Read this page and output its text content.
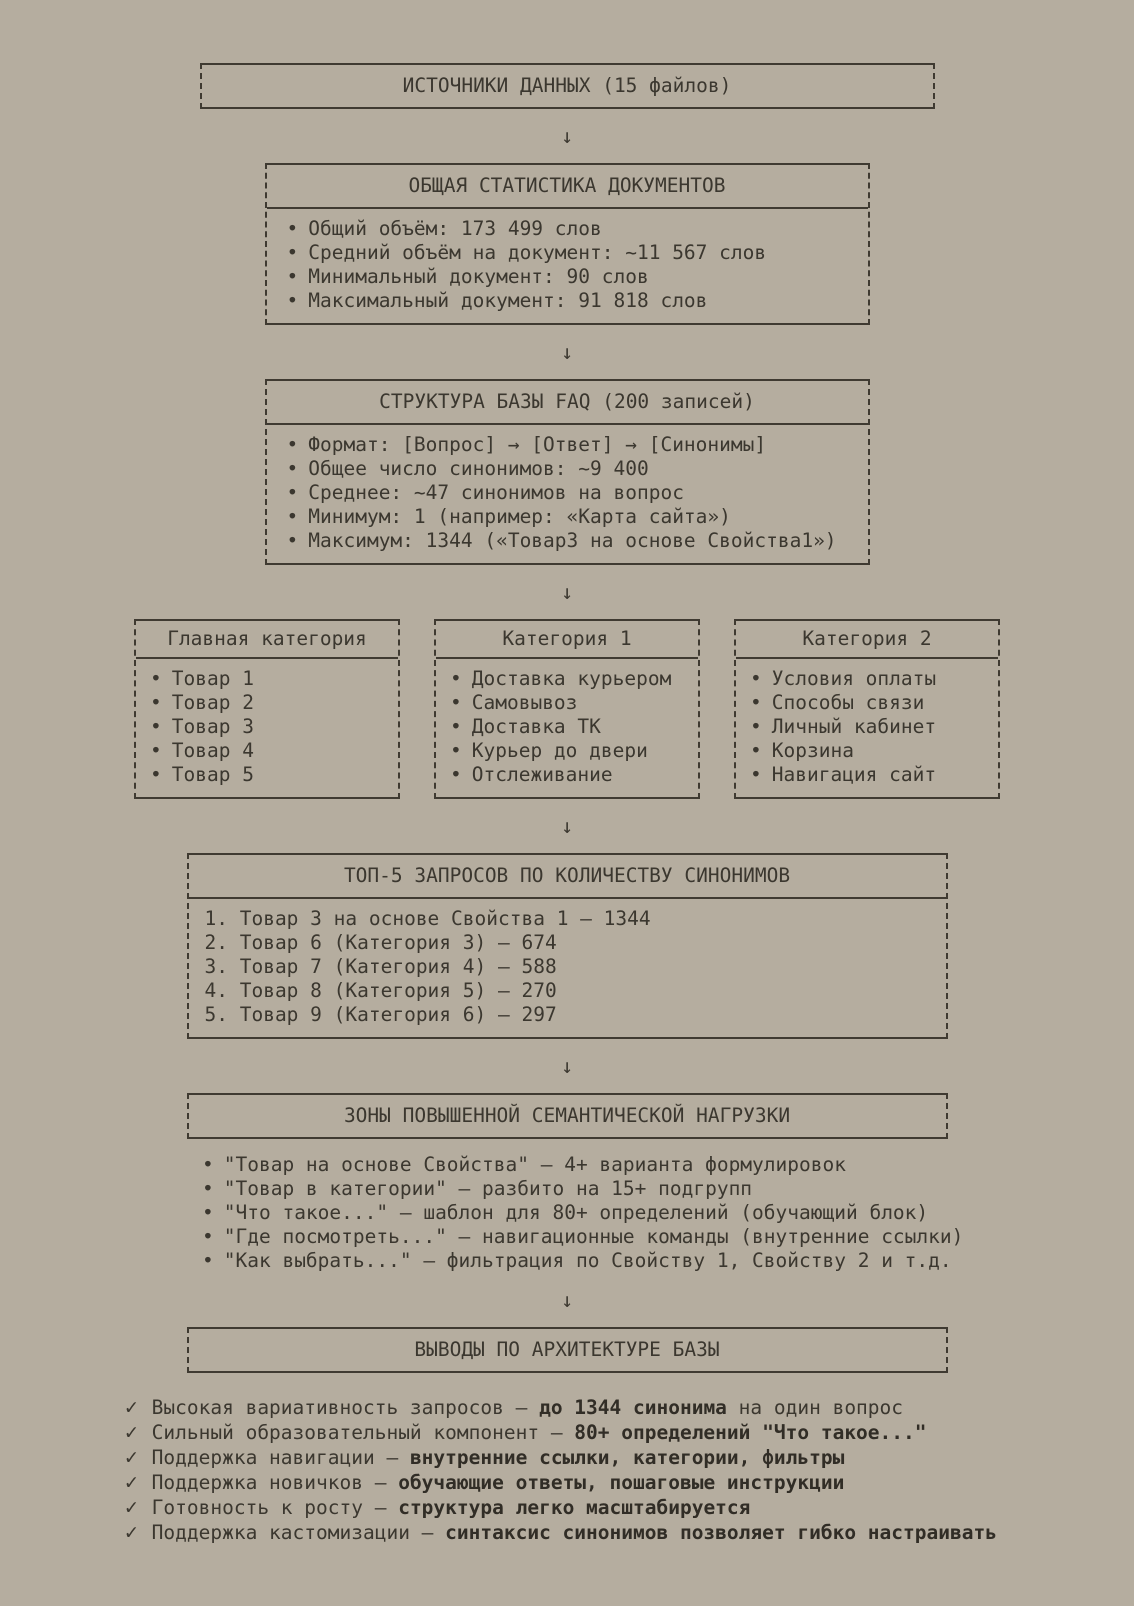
ИСТОЧНИКИ ДАННЫХ (15 файлов)
↓
ОБЩАЯ СТАТИСТИКА ДОКУМЕНТОВ
• Общий объём: 173 499 слов
• Средний объём на документ: ~11 567 слов
• Минимальный документ: 90 слов
• Максимальный документ: 91 818 слов
↓
СТРУКТУРА БАЗЫ FAQ (200 записей)
• Формат: [Вопрос] → [Ответ] → [Синонимы]
• Общее число синонимов: ~9 400
• Среднее: ~47 синонимов на вопрос
• Минимум: 1 (например: «Карта сайта»)
• Максимум: 1344 («Товар3 на основе Свойства1»)
↓
Главная категория
• Товар 1
• Товар 2
• Товар 3
• Товар 4
• Товар 5
Категория 1
• Доставка курьером
• Самовывоз
• Доставка ТК
• Курьер до двери
• Отслеживание
Категория 2
• Условия оплаты
• Способы связи
• Личный кабинет
• Корзина
• Навигация сайт
↓
ТОП-5 ЗАПРОСОВ ПО КОЛИЧЕСТВУ СИНОНИМОВ
1. Товар 3 на основе Свойства 1 — 1344
2. Товар 6 (Категория 3) — 674
3. Товар 7 (Категория 4) — 588
4. Товар 8 (Категория 5) — 270
5. Товар 9 (Категория 6) — 297
↓
ЗОНЫ ПОВЫШЕННОЙ СЕМАНТИЧЕСКОЙ НАГРУЗКИ
• "Товар на основе Свойства" — 4+ варианта формулировок
• "Товар в категории" — разбито на 15+ подгрупп
• "Что такое..." — шаблон для 80+ определений (обучающий блок)
• "Где посмотреть..." — навигационные команды (внутренние ссылки)
• "Как выбрать..." — фильтрация по Свойству 1, Свойству 2 и т.д.
↓
ВЫВОДЫ ПО АРХИТЕКТУРЕ БАЗЫ
✓ Высокая вариативность запросов — до 1344 синонима на один вопрос
✓ Сильный образовательный компонент — 80+ определений "Что такое..."
✓ Поддержка навигации — внутренние ссылки, категории, фильтры
✓ Поддержка новичков — обучающие ответы, пошаговые инструкции
✓ Готовность к росту — структура легко масштабируется
✓ Поддержка кастомизации — синтаксис синонимов позволяет гибко настраивать
